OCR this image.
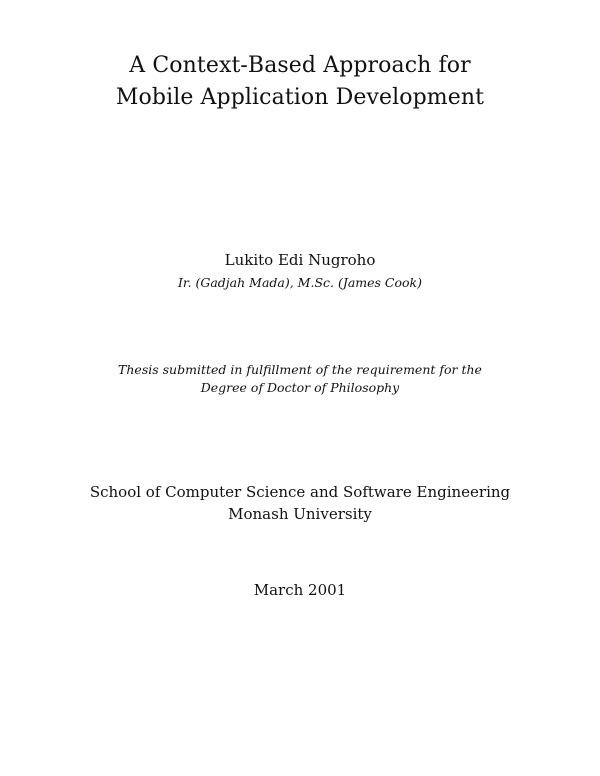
A Context-Based Approach for
Mobile Application Development
Lukito Edi Nugroho
Ir. (Gadjah Mada), M.Sc. (James Cook)
Thesis submitted in fulfillment of the requirement for the
Degree of Doctor of Philosophy
School of Computer Science and Software Engineering
Monash University
March 2001
